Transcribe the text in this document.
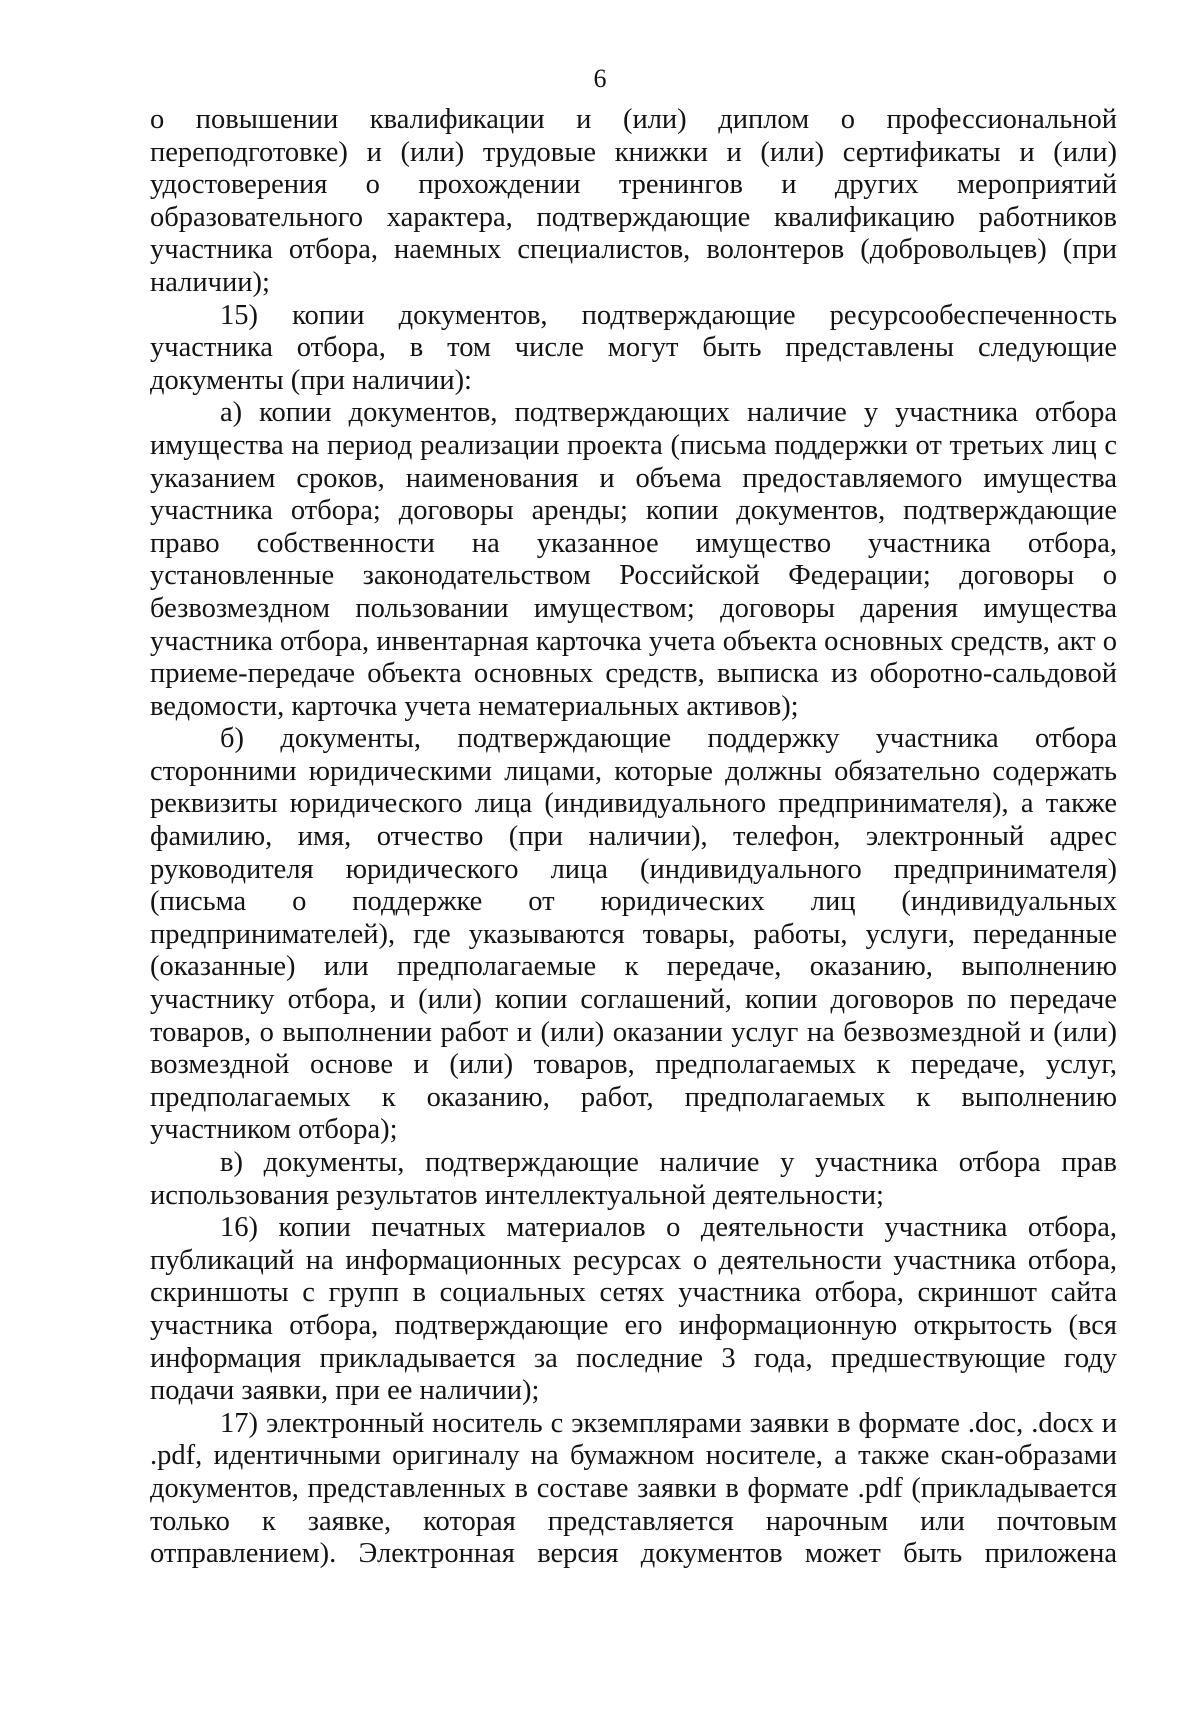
6

о повышении квалификации и (или) диплом о профессиональной переподготовке) и (или) трудовые книжки и (или) сертификаты и (или) удостоверения о прохождении тренингов и других мероприятий образовательного характера, подтверждающие квалификацию работников участника отбора, наемных специалистов, волонтеров (добровольцев) (при наличии);

15) копии документов, подтверждающие ресурсообеспеченность участника отбора, в том числе могут быть представлены следующие документы (при наличии):

а) копии документов, подтверждающих наличие у участника отбора имущества на период реализации проекта (письма поддержки от третьих лиц с указанием сроков, наименования и объема предоставляемого имущества участника отбора; договоры аренды; копии документов, подтверждающие право собственности на указанное имущество участника отбора, установленные законодательством Российской Федерации; договоры о безвозмездном пользовании имуществом; договоры дарения имущества участника отбора, инвентарная карточка учета объекта основных средств, акт о приеме-передаче объекта основных средств, выписка из оборотно-сальдовой ведомости, карточка учета нематериальных активов);

б) документы, подтверждающие поддержку участника отбора сторонними юридическими лицами, которые должны обязательно содержать реквизиты юридического лица (индивидуального предпринимателя), а также фамилию, имя, отчество (при наличии), телефон, электронный адрес руководителя юридического лица (индивидуального предпринимателя) (письма о поддержке от юридических лиц (индивидуальных предпринимателей), где указываются товары, работы, услуги, переданные (оказанные) или предполагаемые к передаче, оказанию, выполнению участнику отбора, и (или) копии соглашений, копии договоров по передаче товаров, о выполнении работ и (или) оказании услуг на безвозмездной и (или) возмездной основе и (или) товаров, предполагаемых к передаче, услуг, предполагаемых к оказанию, работ, предполагаемых к выполнению участником отбора);

в) документы, подтверждающие наличие у участника отбора прав использования результатов интеллектуальной деятельности;

16) копии печатных материалов о деятельности участника отбора, публикаций на информационных ресурсах о деятельности участника отбора, скриншоты с групп в социальных сетях участника отбора, скриншот сайта участника отбора, подтверждающие его информационную открытость (вся информация прикладывается за последние 3 года, предшествующие году подачи заявки, при ее наличии);

17) электронный носитель с экземплярами заявки в формате .doc, .docx и .pdf, идентичными оригиналу на бумажном носителе, а также скан-образами документов, представленных в составе заявки в формате .pdf (прикладывается только к заявке, которая представляется нарочным или почтовым отправлением). Электронная версия документов может быть приложена
